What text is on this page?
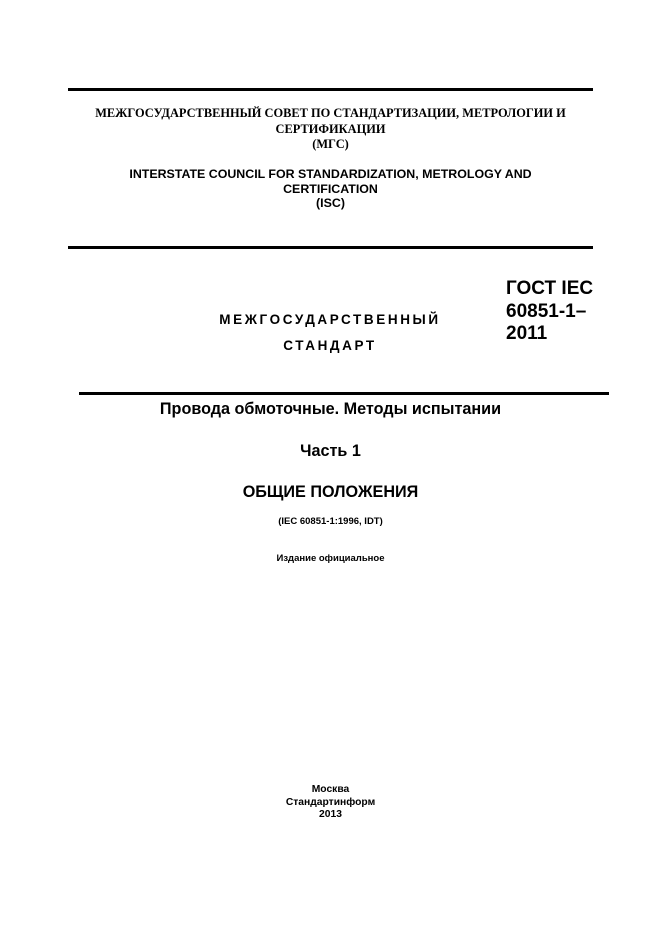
МЕЖГОСУДАРСТВЕННЫЙ СОВЕТ ПО СТАНДАРТИЗАЦИИ, МЕТРОЛОГИИ И
СЕРТИФИКАЦИИ
(МГС)
INTERSTATE COUNCIL FOR STANDARDIZATION, METROLOGY AND
CERTIFICATION
(ISC)
МЕЖГОСУДАРСТВЕННЫЙ
СТАНДАРТ
ГОСТ IEC
60851-1–
2011
Провода обмоточные. Методы испытании
Часть 1
ОБЩИЕ ПОЛОЖЕНИЯ
(IEC 60851-1:1996, IDT)
Издание официальное
Москва
Стандартинформ
2013
